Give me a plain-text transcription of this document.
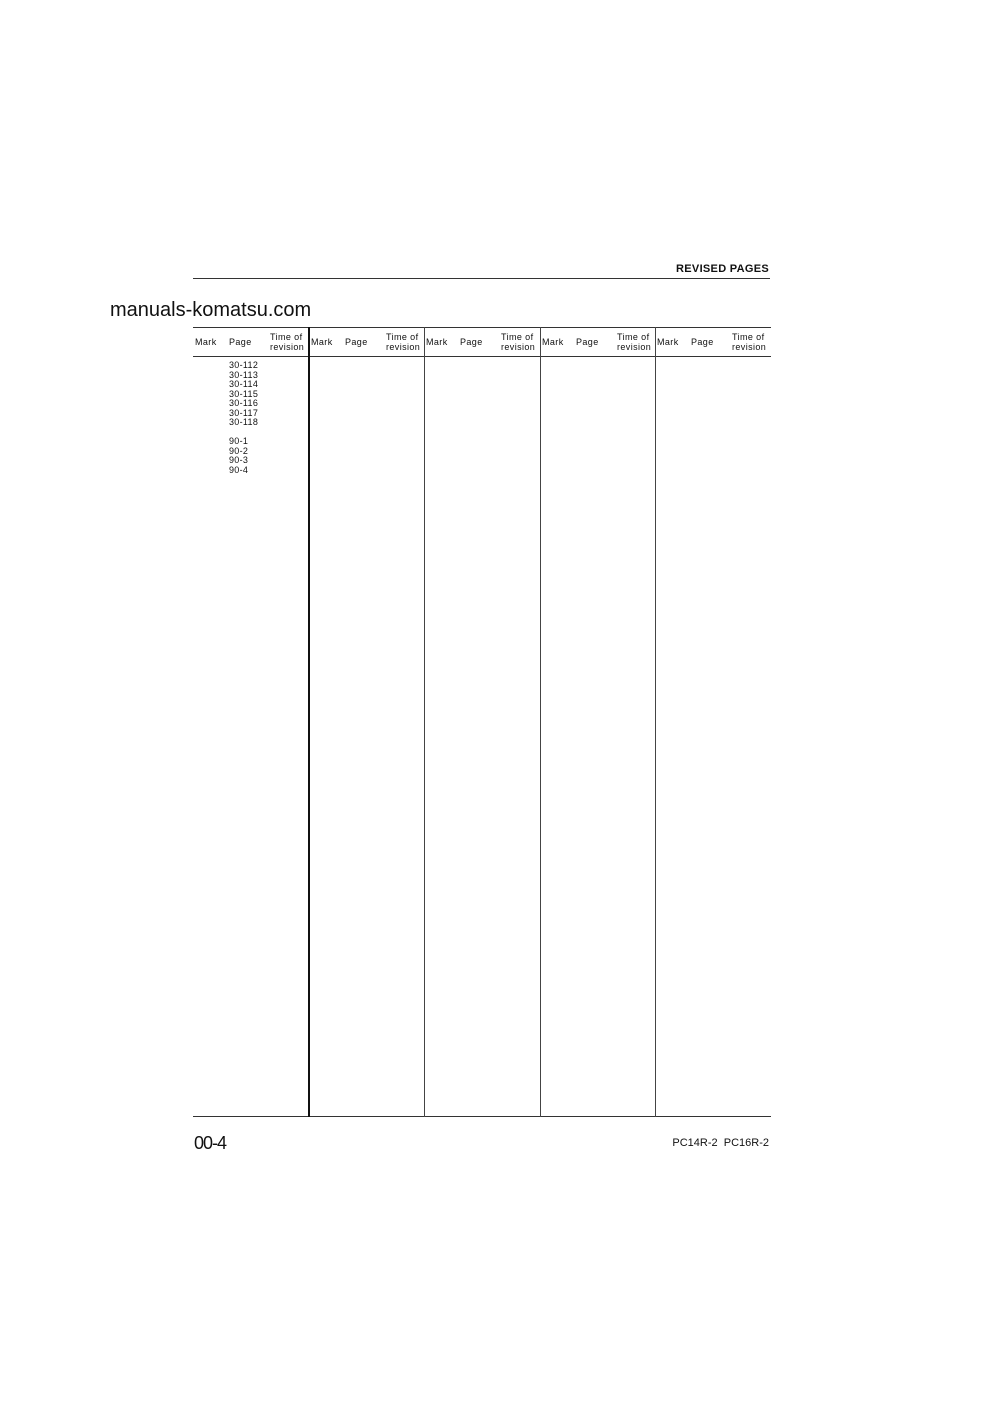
REVISED PAGES
Mark Page Time of
revision Mark Page Time of
revision Mark Page Time of
revision Mark Page Time of
revision Mark Page Time of
revision
30-112
30-113
30-114
30-115
30-116
30-117
30-118
90-1
90-2
90-3
90-4
manuals-komatsu.com
00-4	PC14R-2  PC16R-2
